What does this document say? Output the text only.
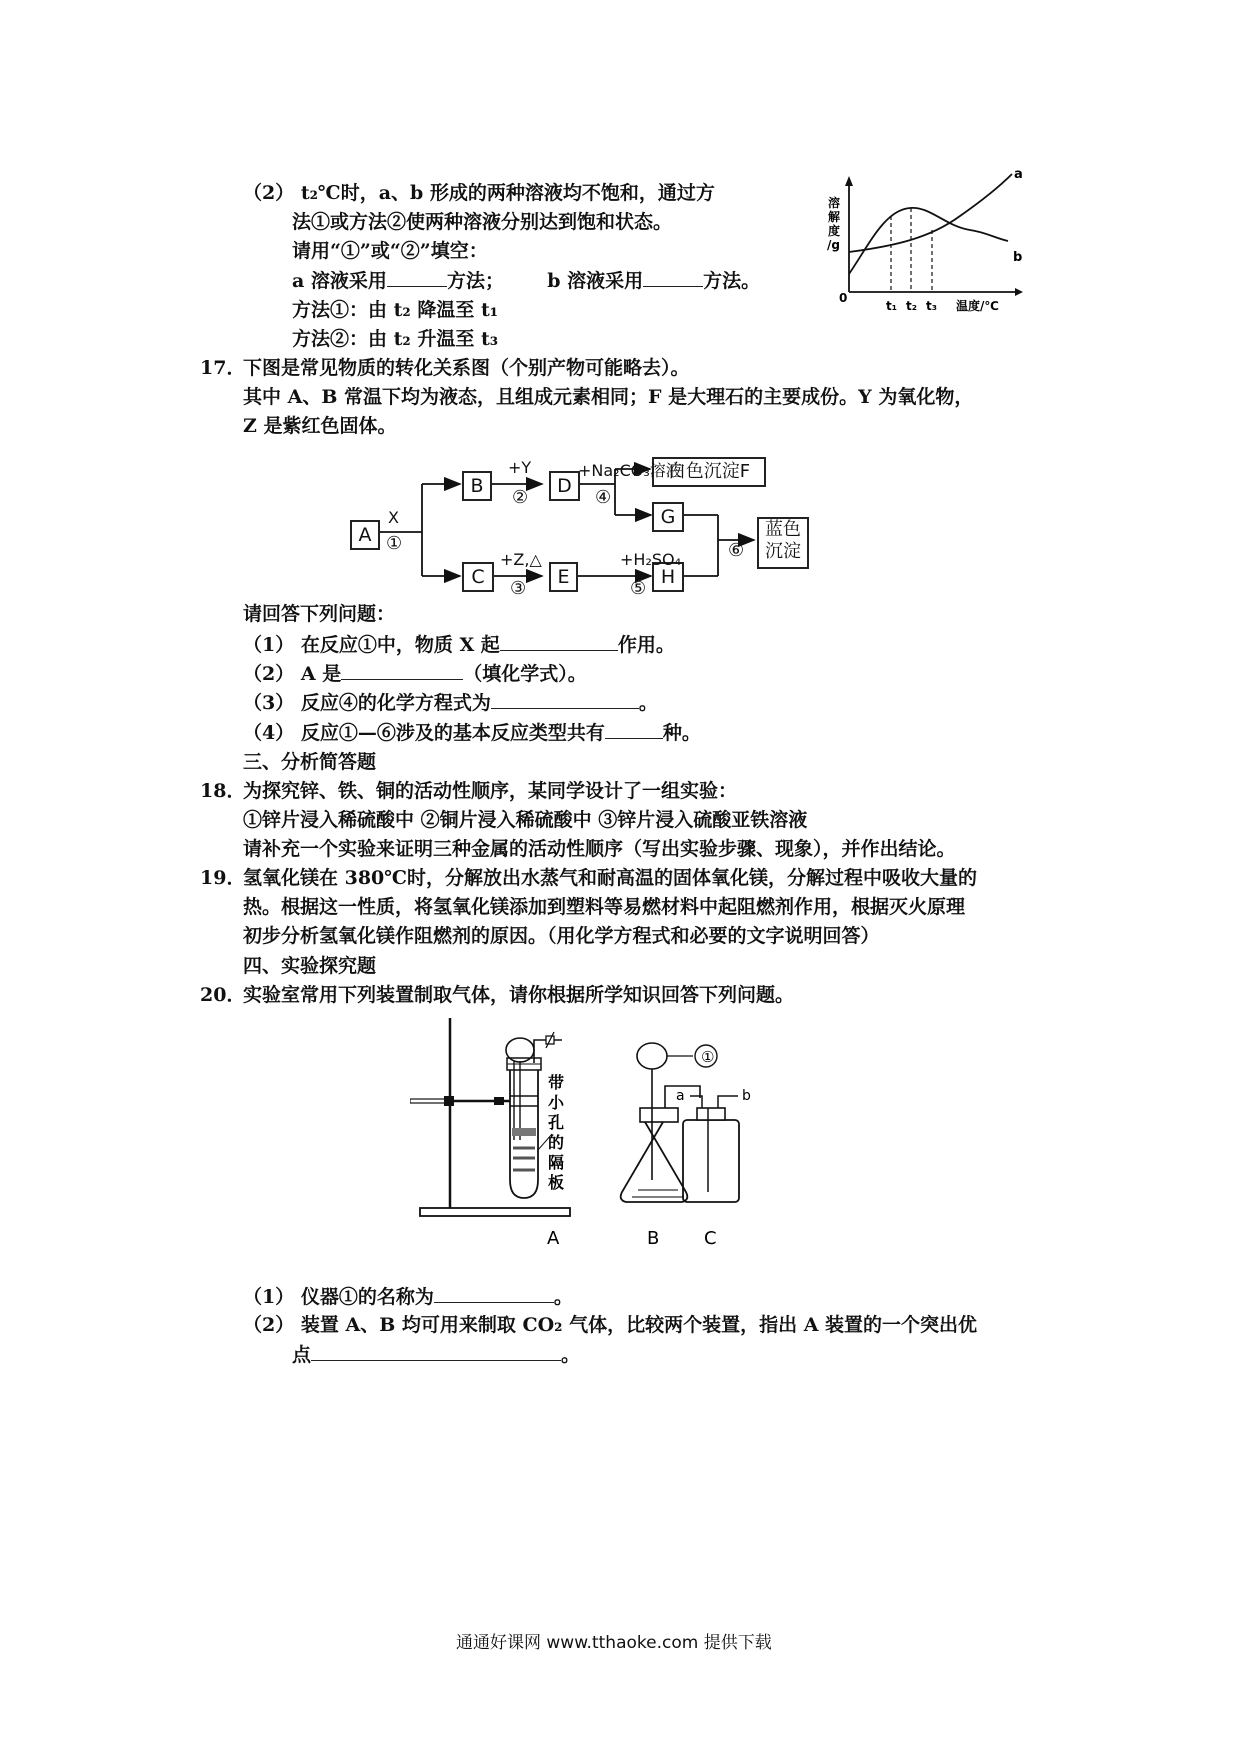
（2） t₂℃时，a、b 形成的两种溶液均不饱和，通过方
法①或方法②使两种溶液分别达到饱和状态。
请用“①”或“②”填空：
a 溶液采用	方法； b 溶液采用	方法。
方法①：由 t₂ 降温至 t₁
方法②：由 t₂ 升温至 t₃
溶
解
度
/g
0
a
b
t₁ t₂ t₃ 温度/℃
17．
下图是常见物质的转化关系图（个别产物可能略去）。
其中 A、B 常温下均为液态，且组成元素相同；F 是大理石的主要成份。Y 为氧化物，
Z 是紫红色固体。
A
B
C
D
E
白色沉淀F
G
H
蓝色
沉淀
X
①
+Y
②
+Na₂CO₃溶液
④
+Z,△
③
+H₂SO₄
⑤
⑥
请回答下列问题：
（1） 在反应①中，物质 X 起	作用。
（2） A 是	（填化学式）。
（3） 反应④的化学方程式为	。
（4） 反应①—⑥涉及的基本反应类型共有	种。
三、分析简答题
18．
为探究锌、铁、铜的活动性顺序，某同学设计了一组实验：
①锌片浸入稀硫酸中 ②铜片浸入稀硫酸中 ③锌片浸入硫酸亚铁溶液
请补充一个实验来证明三种金属的活动性顺序（写出实验步骤、现象），并作出结论。
19．
氢氧化镁在 380℃时，分解放出水蒸气和耐高温的固体氧化镁，分解过程中吸收大量的
热。根据这一性质，将氢氧化镁添加到塑料等易燃材料中起阻燃剂作用，根据灭火原理
初步分析氢氧化镁作阻燃剂的原因。（用化学方程式和必要的文字说明回答）
四、实验探究题
20．
实验室常用下列装置制取气体，请你根据所学知识回答下列问题。
A
带
小
孔
的
隔
板
①
B
a	b
C
（1） 仪器①的名称为	。
（2） 装置 A、B 均可用来制取 CO₂ 气体，比较两个装置，指出 A 装置的一个突出优
点	。
通通好课网 www.tthaoke.com 提供下载
